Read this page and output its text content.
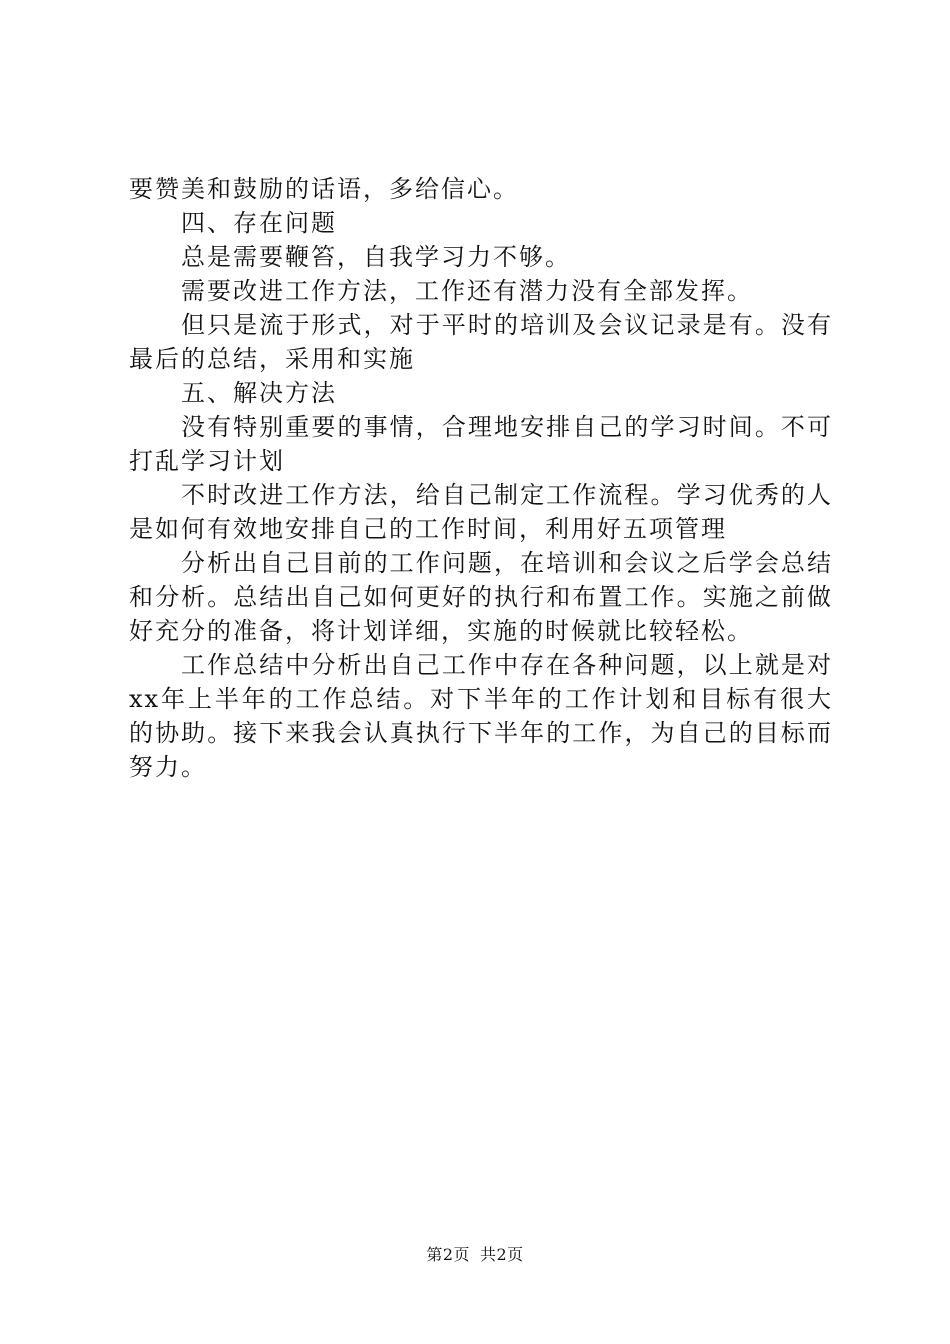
要赞美和鼓励的话语，多给信心。

四、存在问题

总是需要鞭笞，自我学习力不够。

需要改进工作方法，工作还有潜力没有全部发挥。

但只是流于形式，对于平时的培训及会议记录是有。没有最后的总结，采用和实施

五、解决方法

没有特别重要的事情，合理地安排自己的学习时间。不可打乱学习计划

不时改进工作方法，给自己制定工作流程。学习优秀的人是如何有效地安排自己的工作时间，利用好五项管理

分析出自己目前的工作问题，在培训和会议之后学会总结和分析。总结出自己如何更好的执行和布置工作。实施之前做好充分的准备，将计划详细，实施的时候就比较轻松。

工作总结中分析出自己工作中存在各种问题，以上就是对xx年上半年的工作总结。对下半年的工作计划和目标有很大的协助。接下来我会认真执行下半年的工作，为自己的目标而努力。

第2页 共2页
